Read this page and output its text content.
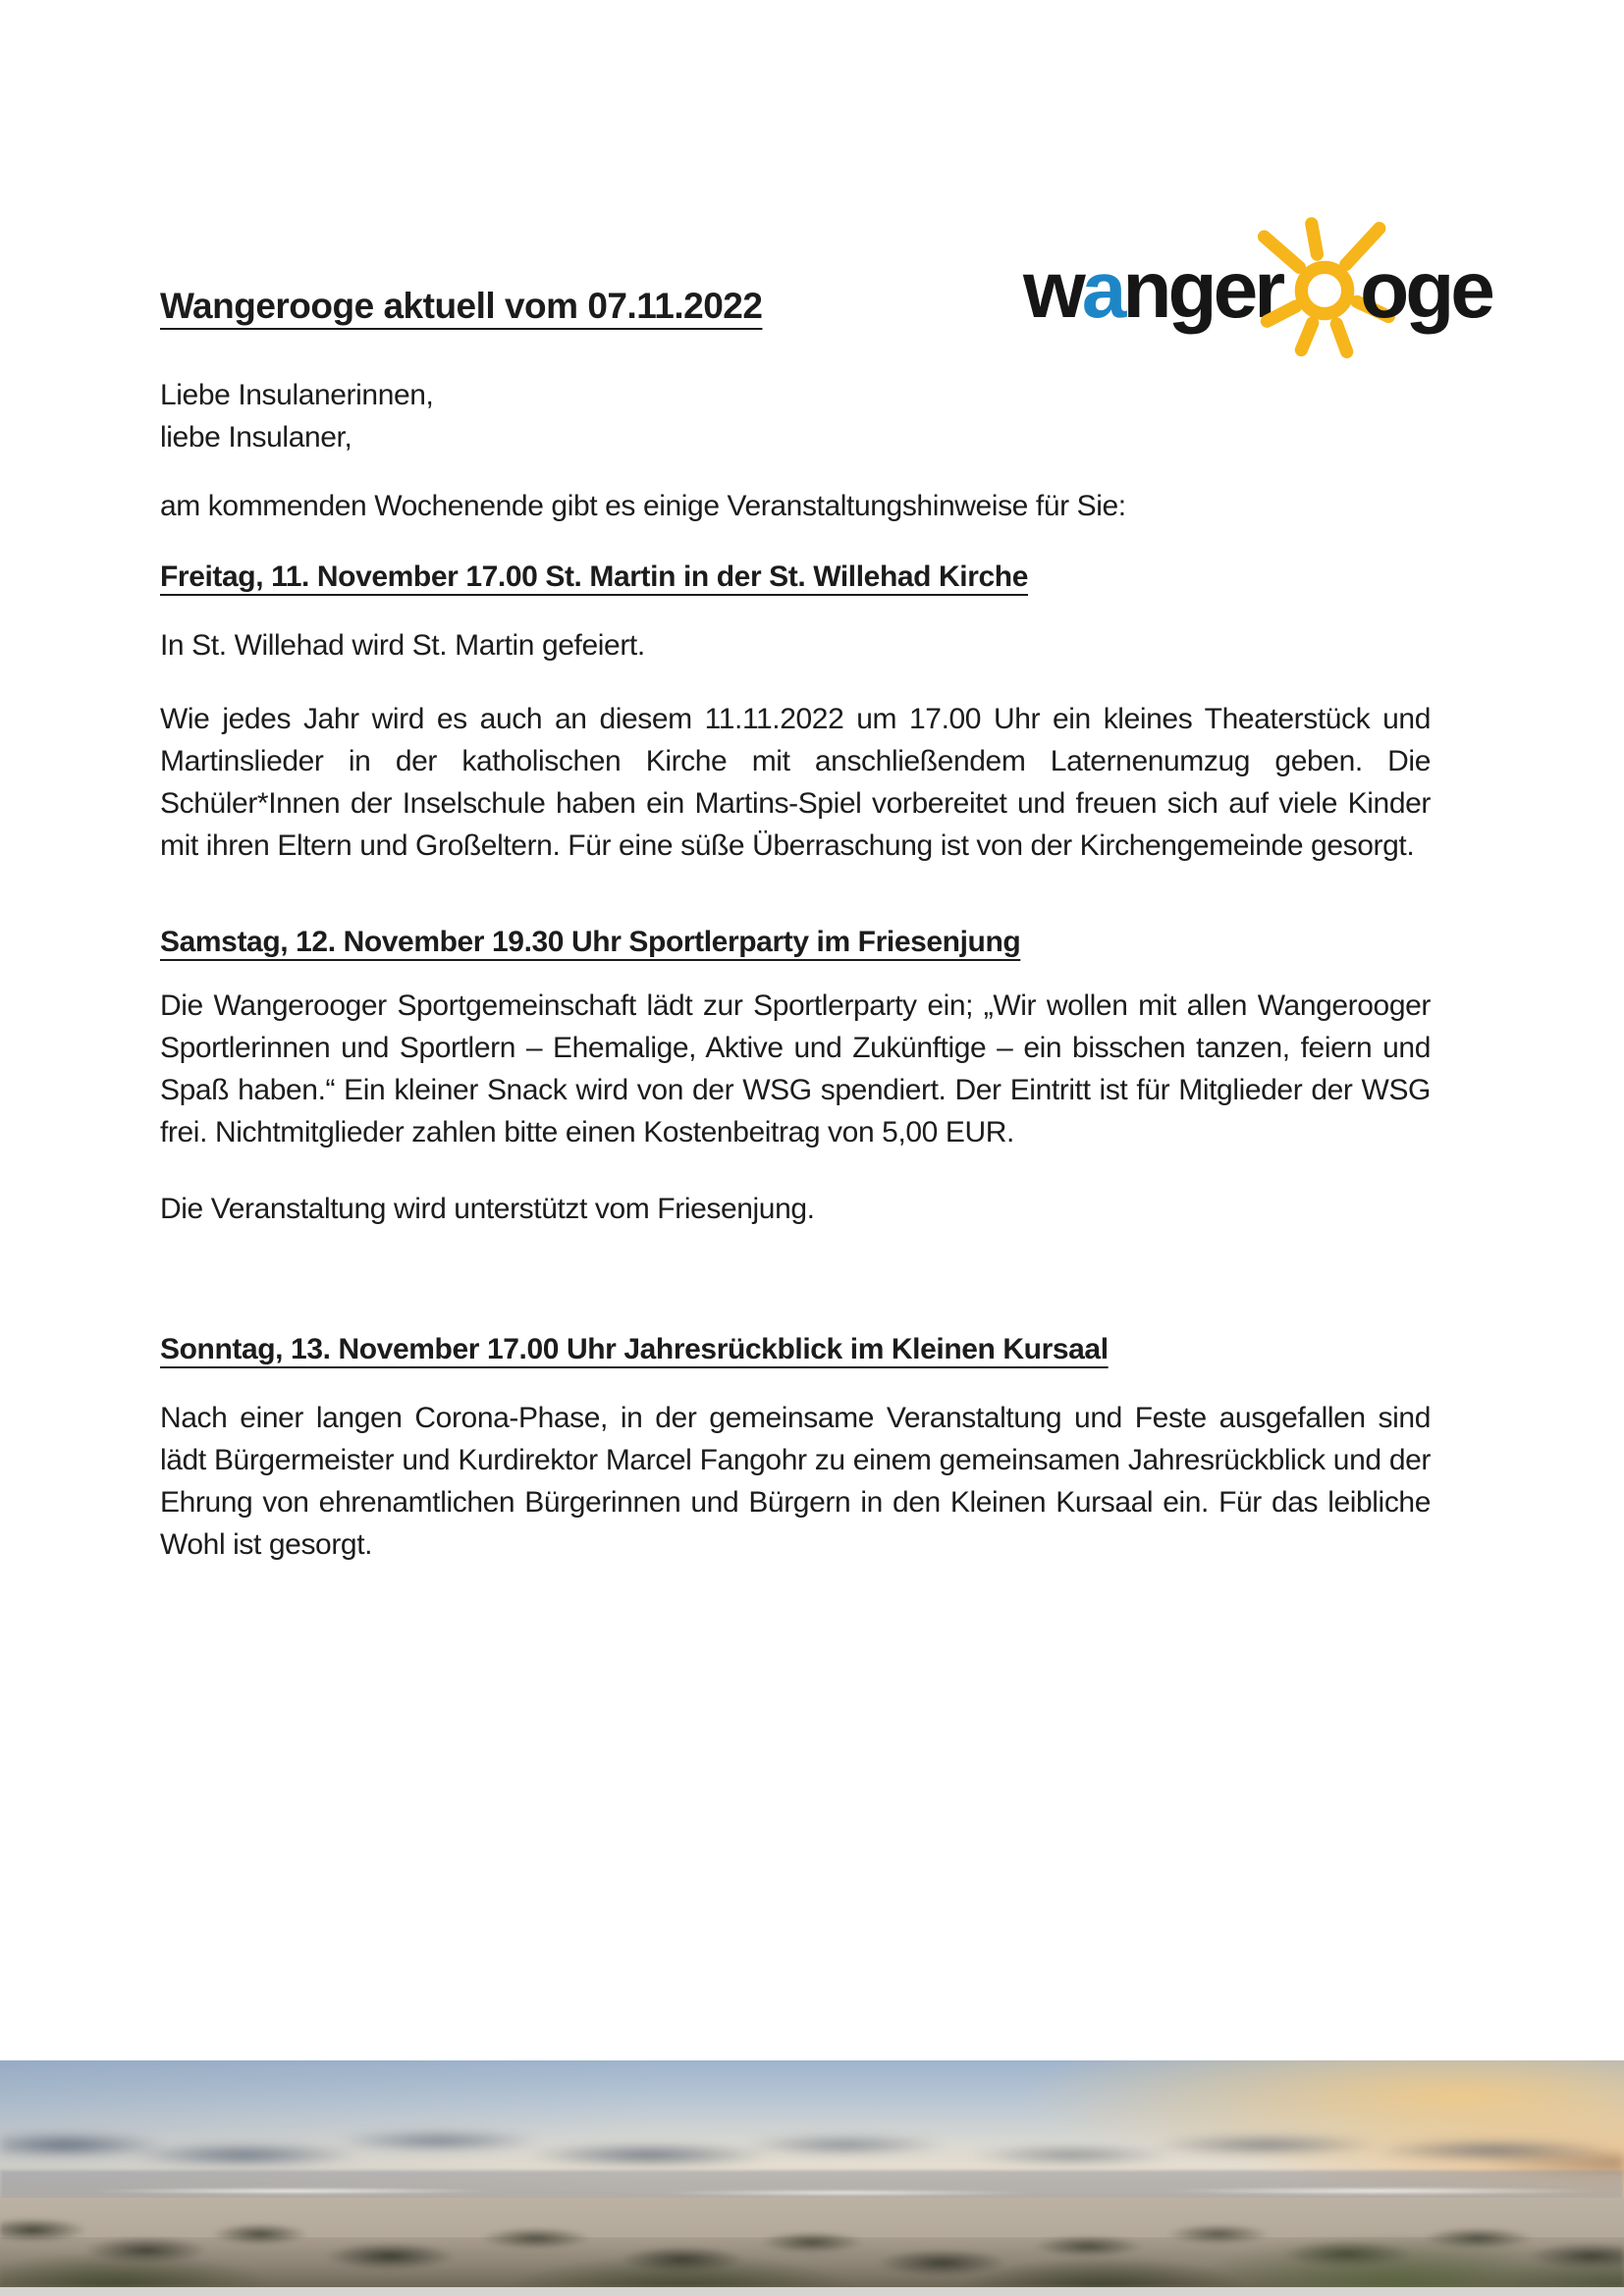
w a nger oge
Wangerooge aktuell vom 07.11.2022

Liebe Insulanerinnen,

liebe Insulaner,

am kommenden Wochenende gibt es einige Veranstaltungshinweise für Sie:

Freitag, 11. November 17.00 St. Martin in der St. Willehad Kirche

In St. Willehad wird St. Martin gefeiert.

Wie jedes Jahr wird es auch an diesem 11.11.2022 um 17.00 Uhr ein kleines Theaterstück und Martinslieder in der katholischen Kirche mit anschließendem Laternenumzug geben. Die Schüler*Innen der Inselschule haben ein Martins-Spiel vorbereitet und freuen sich auf viele Kinder mit ihren Eltern und Großeltern. Für eine süße Überraschung ist von der Kirchengemeinde gesorgt.

Samstag, 12. November 19.30 Uhr Sportlerparty im Friesenjung

Die Wangerooger Sportgemeinschaft lädt zur Sportlerparty ein; „Wir wollen mit allen Wangerooger Sportlerinnen und Sportlern – Ehemalige, Aktive und Zukünftige – ein bisschen tanzen, feiern und Spaß haben.“ Ein kleiner Snack wird von der WSG spendiert. Der Eintritt ist für Mitglieder der WSG frei. Nichtmitglieder zahlen bitte einen Kostenbeitrag von 5,00 EUR.

Die Veranstaltung wird unterstützt vom Friesenjung.

Sonntag, 13. November 17.00 Uhr Jahresrückblick im Kleinen Kursaal

Nach einer langen Corona-Phase, in der gemeinsame Veranstaltung und Feste ausgefallen sind lädt Bürgermeister und Kurdirektor Marcel Fangohr zu einem gemeinsamen Jahresrückblick und der Ehrung von ehrenamtlichen Bürgerinnen und Bürgern in den Kleinen Kursaal ein. Für das leibliche Wohl ist gesorgt.
